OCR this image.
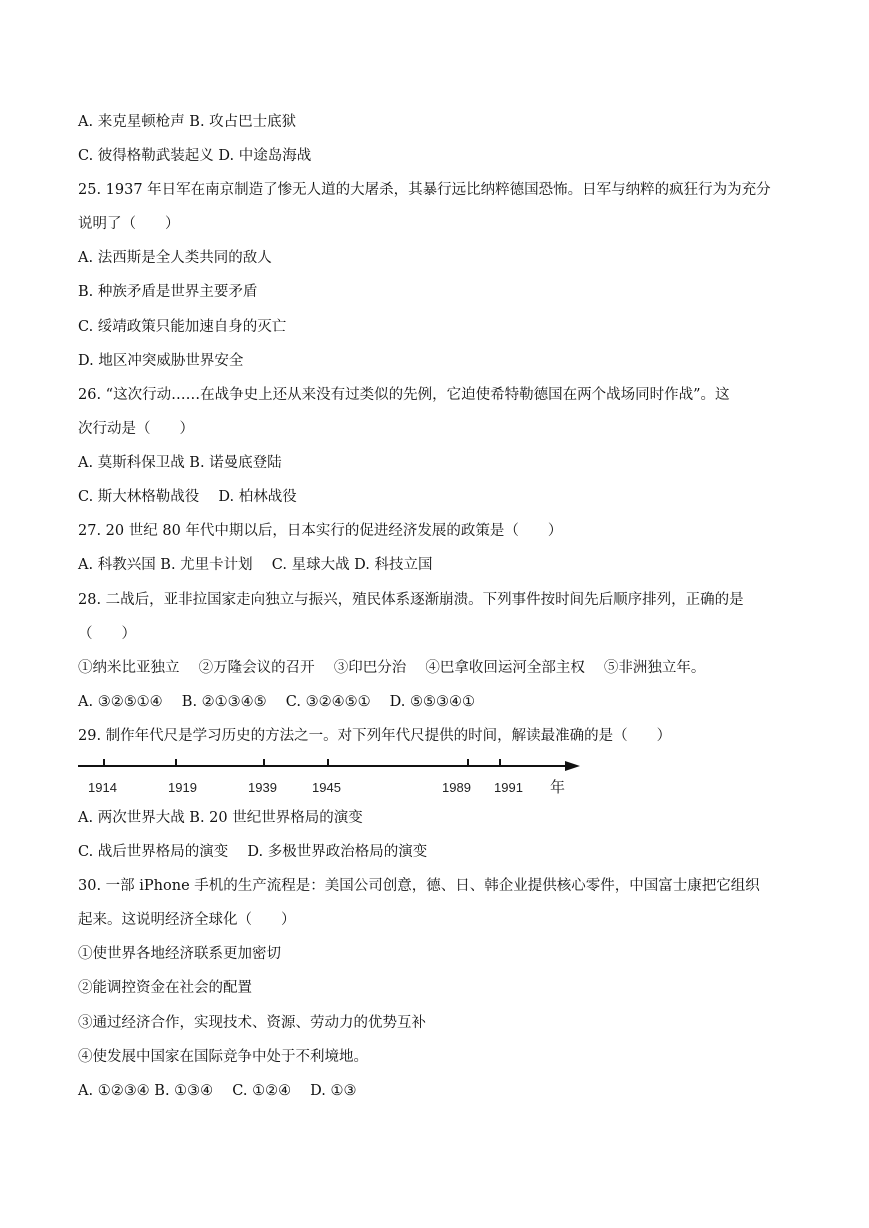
A. 来克星顿枪声 B. 攻占巴士底狱
C. 彼得格勒武装起义 D. 中途岛海战
25. 1937 年日军在南京制造了惨无人道的大屠杀，其暴行远比纳粹德国恐怖。日军与纳粹的疯狂行为为充分
说明了（　　）
A. 法西斯是全人类共同的敌人
B. 种族矛盾是世界主要矛盾
C. 绥靖政策只能加速自身的灭亡
D. 地区冲突威胁世界安全
26. “这次行动……在战争史上还从来没有过类似的先例，它迫使希特勒德国在两个战场同时作战”。这
次行动是（　　）
A. 莫斯科保卫战 B. 诺曼底登陆
C. 斯大林格勒战役　 D. 柏林战役
27. 20 世纪 80 年代中期以后，日本实行的促进经济发展的政策是（　　）
A. 科教兴国 B. 尤里卡计划　 C. 星球大战 D. 科技立国
28. 二战后，亚非拉国家走向独立与振兴，殖民体系逐渐崩溃。下列事件按时间先后顺序排列，正确的是
（　　）
①纳米比亚独立　 ②万隆会议的召开　 ③印巴分治　 ④巴拿收回运河全部主权　 ⑤非洲独立年。
A. ③②⑤①④　 B. ②①③④⑤　 C. ③②④⑤①　 D. ⑤⑤③④①
29. 制作年代尺是学习历史的方法之一。对下列年代尺提供的时间，解读最准确的是（　　）
1914	1919	1939	1945	1989 1991 年
A. 两次世界大战 B. 20 世纪世界格局的演变
C. 战后世界格局的演变　 D. 多极世界政治格局的演变
30. 一部 iPhone 手机的生产流程是：美国公司创意，德、日、韩企业提供核心零件，中国富士康把它组织
起来。这说明经济全球化（　　）
①使世界各地经济联系更加密切
②能调控资金在社会的配置
③通过经济合作，实现技术、资源、劳动力的优势互补
④使发展中国家在国际竞争中处于不利境地。
A. ①②③④ B. ①③④　 C. ①②④　 D. ①③
